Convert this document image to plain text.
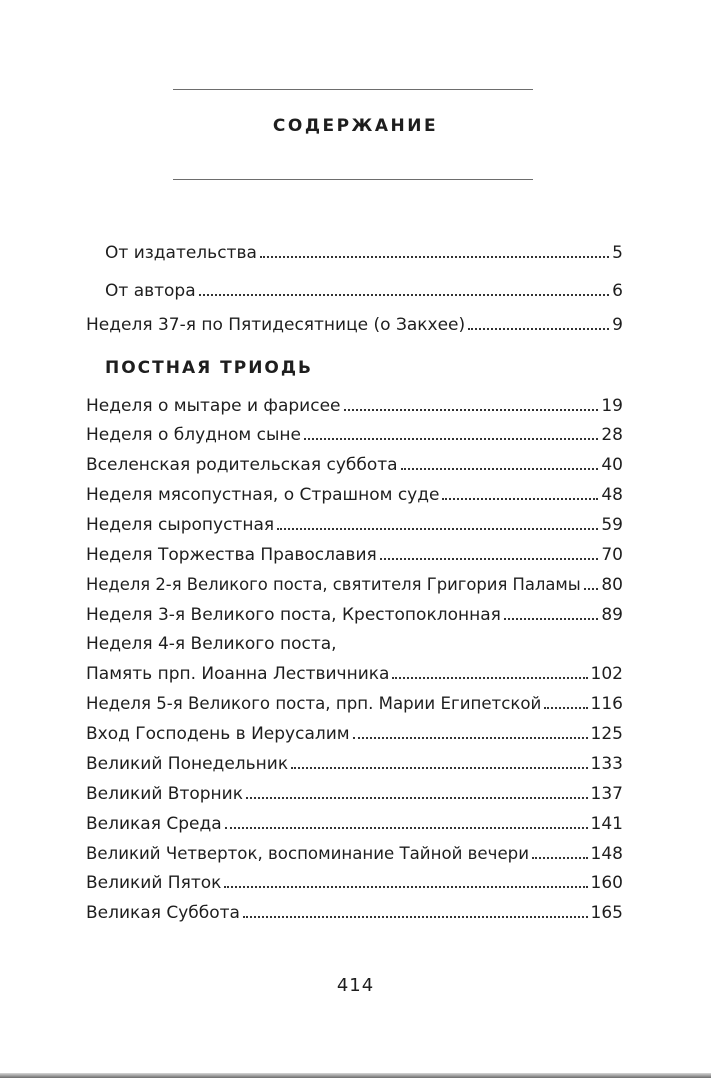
СОДЕРЖАНИЕ
От издательства	5
От автора	6
Неделя 37-я по Пятидесятнице (о Закхее)	9
ПОСТНАЯ ТРИОДЬ
Неделя о мытаре и фарисее	19
Неделя о блудном сыне	28
Вселенская родительская суббота	40
Неделя мясопустная, о Страшном суде	48
Неделя сыропустная	59
Неделя Торжества Православия	70
Неделя 2-я Великого поста, святителя Григория Паламы 80
Неделя 3-я Великого поста, Крестопоклонная	89
Неделя 4-я Великого поста,
Память прп. Иоанна Лествичника	102
Неделя 5-я Великого поста, прп. Марии Египетской	116
Вход Господень в Иерусалим	125
Великий Понедельник	133
Великий Вторник	137
Великая Среда	141
Великий Четверток, воспоминание Тайной вечери	148
Великий Пяток	160
Великая Суббота	165
414
